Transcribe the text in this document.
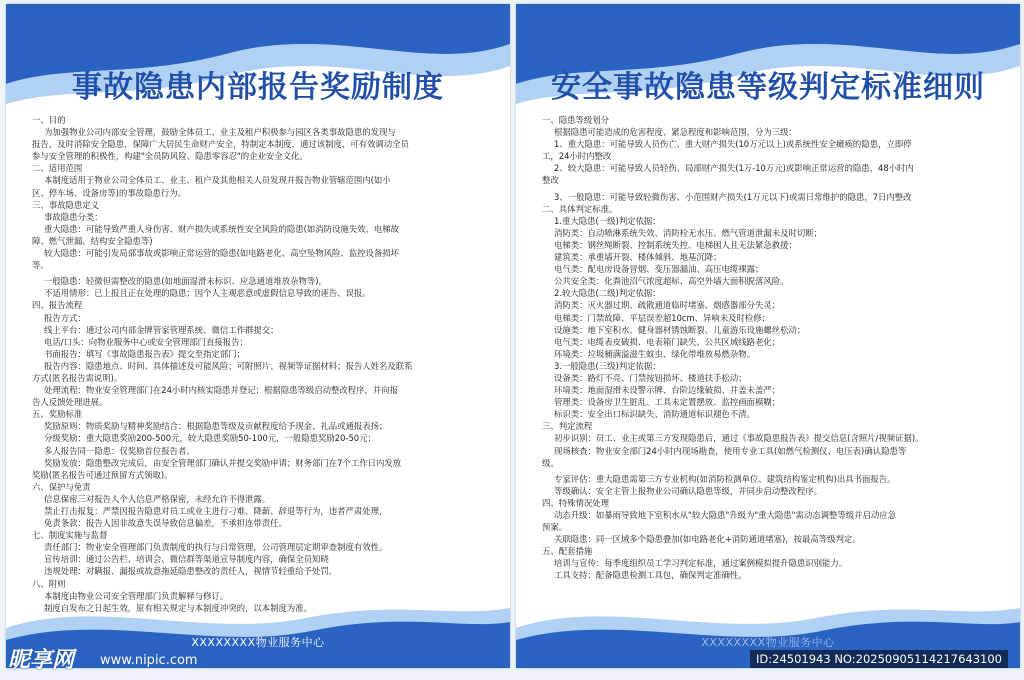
事故隐患内部报告奖励制度

一、目的

为加强物业公司内部安全管理，鼓励全体员工、业主及租户积极参与园区各类事故隐患的发现与

报告，及时消除安全隐患，保障广大居民生命财产安全，特制定本制度，通过该制度，可有效调动全员

参与安全管理的积极性，构建"全员防风险、隐患零容忍"的企业安全文化。

二、适用范围

本制度适用于物业公司全体员工、业主、租户及其他相关人员发现并报告物业管辖范围内(如小

区、停车场、设备房等)的事故隐患行为。

三、事故隐患定义

事故隐患分类：

重大隐患：可能导致严重人身伤害、财产损失或系统性安全风险的隐患(如消防设施失效、电梯故

障、燃气泄漏、结构安全隐患等)

较大隐患：可能引发局部事故或影响正常运营的隐患(如电路老化、高空坠物风险、监控设备损坏

等。

一般隐患：轻微但需整改的隐患(如地面湿滑未标识、应急通道堆放杂物等)，

不适用情形：已上报且正在处理的隐患；因个人主观恶意或虚假信息导致的诬告、误报。

四、报告流程

报告方式：

线上平台：通过公司内部金牌管家管理系统、微信工作群提交；

电话/口头：向物业服务中心或安全管理部门直接报告；

书面报告：填写《事故隐患报告表》提交至指定部门；

报告内容：隐患地点、时间、具体描述及可能风险；可附照片、视频等证据材料；报告人姓名及联系

方式(匿名报告需说明)。

处理流程：物业安全管理部门在24小时内核实隐患并登记；根据隐患等级启动整改程序，并向报

告人反馈处理进展。

五、奖励标准

奖励原则：物质奖励与精神奖励结合：根据隐患等级及贡献程度给予现金、礼品或通报表扬；

分级奖励：重大隐患奖励200-500元，较大隐患奖励50-100元，一般隐患奖励20-50元；

多人报告同一隐患：仅奖励首位报告者。

奖励发放：隐患整改完成后，由安全管理部门确认并提交奖励申请；财务部门在7个工作日内发放

奖励(匿名报告可通过预留方式领取)。

六、保护与免责

信息保密三对报告人个人信息严格保密，未经允许不得泄露。

禁止打击报复：严禁因报告隐患对员工或业主进行刁难、降薪、辞退等行为，违者严肃处理，

免责条款：报告人因非故意失误导致信息偏差，不承担连带责任。

七、制度实施与监督

责任部门：物业安全管理部门负责制度的执行与日常管理，公司管理层定期审查制度有效性。

宣传培训：通过公告栏、培训会、微信群等渠道宣导制度内容，确保全员知晓

违规处理：对瞒报、漏报或故意拖延隐患整改的责任人，视情节轻重给予处罚。

八、附则

本制度由物业公司安全管理部门负责解释与修订。

制度自发布之日起生效，原有相关规定与本制度冲突的，以本制度为准。

XXXXXXXX物业服务中心
安全事故隐患等级判定标准细则

一、隐患等级划分

根据隐患可能造成的危害程度、紧急程度和影响范围，分为三级：

1、重大隐患：可能导致人员伤亡、重大财产损失(10万元以上)或系统性安全瘫痪的隐患，立即停

工，24小时内整改

2、较大隐患：可能导致人员轻伤、局部财产损失(1万-10万元)或影响正常运营的隐患，48小时内

整改

3、一般隐患：可能导致轻微伤害、小范围财产损失(1万元以下)或需日常维护的隐患，7日内整改

二、具体判定标准。

1.重大隐患(一级)判定依据：

消防类：自动喷淋系统失效、消防栓无水压、燃气管道泄漏未及时切断；

电梯类：钢丝绳断裂、控制系统失控、电梯困人且无法紧急救援；

建筑类：承重墙开裂、楼体倾斜、地基沉降；

电气类：配电房设备冒烟、变压器漏油、高压电缆裸露；

公共安全类：化粪池沼气浓度超标、高空外墙大面积脱落风险。

2.较大隐患(二级)判定依据：

消防类：灭火器过期、疏散通道临时堵塞、烟感器部分失灵；

电梯类：门禁故障、平层误差超10cm、异响未及时检修；

设施类：地下室积水、健身器材锈蚀断裂、儿童游乐设施螺丝松动；

电气类：电缆表皮破损、电表箱门缺失、公共区域线路老化；

环境类：垃圾桶满溢滋生蚊虫、绿化带堆放易燃杂物。

3.一般隐患(三级)判定依据：

设备类：路灯不亮、门禁按钮损坏、楼道扶手松动；

环境类：地面湿滑未设警示牌、台阶边缘破损、井盖未盖严；

管理类：设备房卫生脏乱、工具未定置摆放、监控画面模糊；

标识类：安全出口标识缺失、消防通道标识褪色不清。

三、判定流程

初步识别：员工、业主或第三方发现隐患后，通过《事故隐患报告表》提交信息(含照片/视频证据)。

现场核查：物业安全部门24小时内现场勘查，使用专业工具(如燃气检测仪、电压表)确认隐患等

级。

专家评估：重大隐患需第三方专业机构(如消防检测单位、建筑结构鉴定机构)出具书面报告。

等级确认：安全主管上报物业公司确认隐患等级，并同步启动整改程序。

四、特殊情况处理

动态升级：如暴雨导致地下室积水从"较大隐患"升级为"重大隐患"需动态调整等级并启动应急

预案。

关联隐患：同一区域多个隐患叠加(如电路老化+消防通道堵塞)，按最高等级判定。

五、配套措施

培训与宣传：每季度组织员工学习判定标准，通过案例模拟提升隐患识别能力。

工具支持：配备隐患检测工具包，确保判定准确性。

XXXXXXXX物业服务中心
昵享网 www.nipic.com	ID:24501943 NO:20250905114217643100
